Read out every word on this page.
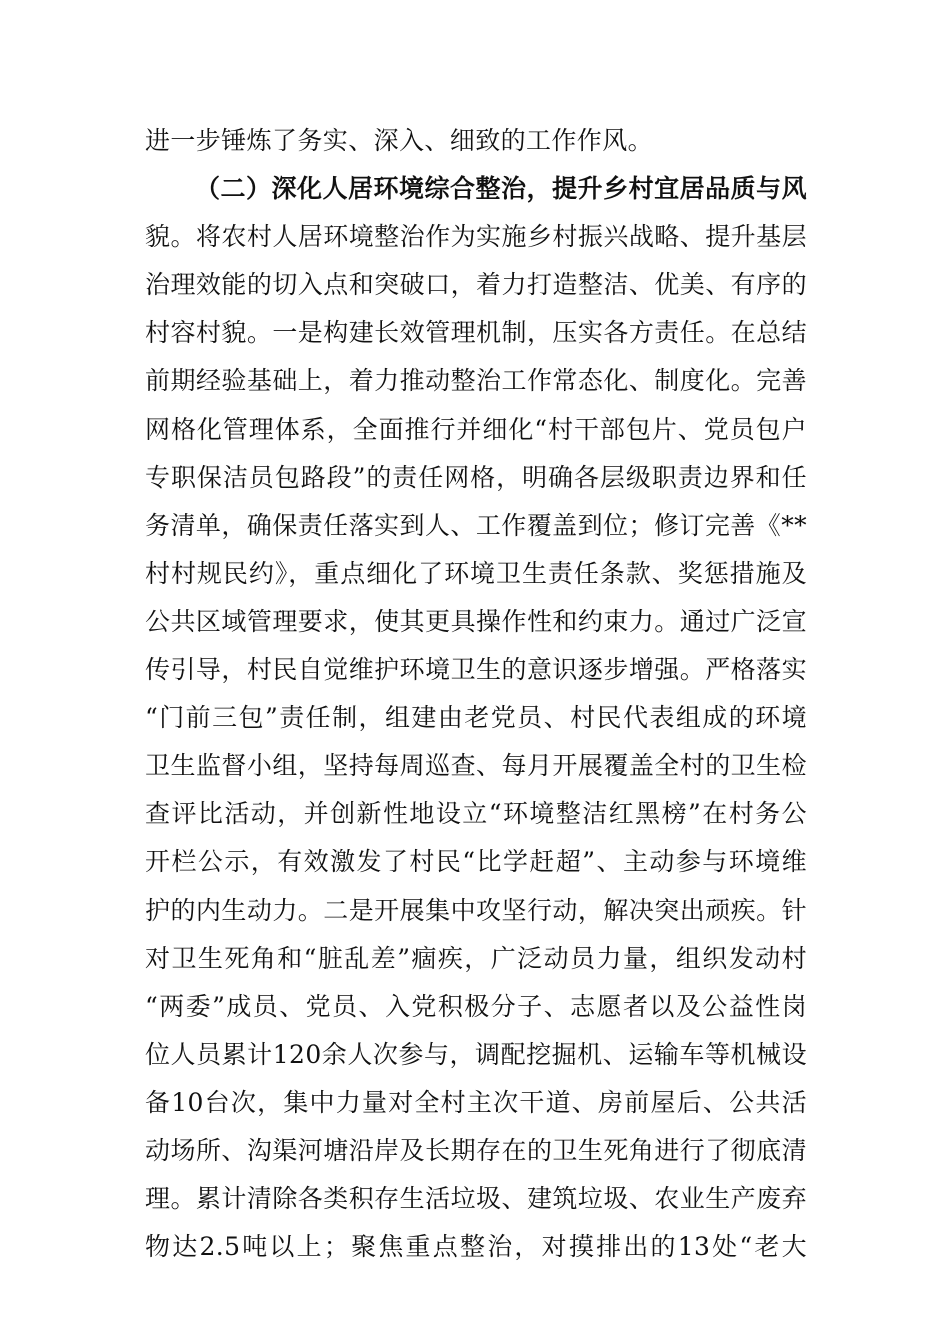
进一步锤炼了务实、深入、细致的工作作风。
（二）深化人居环境综合整治，提升乡村宜居品质与风
貌。将农村人居环境整治作为实施乡村振兴战略、提升基层
治理效能的切入点和突破口，着力打造整洁、优美、有序的
村容村貌。一是构建长效管理机制，压实各方责任。在总结
前期经验基础上，着力推动整治工作常态化、制度化。完善
网格化管理体系，全面推行并细化“村干部包片、党员包户
专职保洁员包路段”的责任网格，明确各层级职责边界和任
务清单，确保责任落实到人、工作覆盖到位；修订完善《**
村村规民约》，重点细化了环境卫生责任条款、奖惩措施及
公共区域管理要求，使其更具操作性和约束力。通过广泛宣
传引导，村民自觉维护环境卫生的意识逐步增强。严格落实
“门前三包”责任制，组建由老党员、村民代表组成的环境
卫生监督小组，坚持每周巡查、每月开展覆盖全村的卫生检
查评比活动，并创新性地设立“环境整洁红黑榜”在村务公
开栏公示，有效激发了村民“比学赶超”、主动参与环境维
护的内生动力。二是开展集中攻坚行动，解决突出顽疾。针
对卫生死角和“脏乱差”痼疾，广泛动员力量，组织发动村
“两委”成员、党员、入党积极分子、志愿者以及公益性岗
位人员累计120余人次参与，调配挖掘机、运输车等机械设
备10台次，集中力量对全村主次干道、房前屋后、公共活
动场所、沟渠河塘沿岸及长期存在的卫生死角进行了彻底清
理。累计清除各类积存生活垃圾、建筑垃圾、农业生产废弃
物达2.5吨以上；聚焦重点整治，对摸排出的13处“老大
